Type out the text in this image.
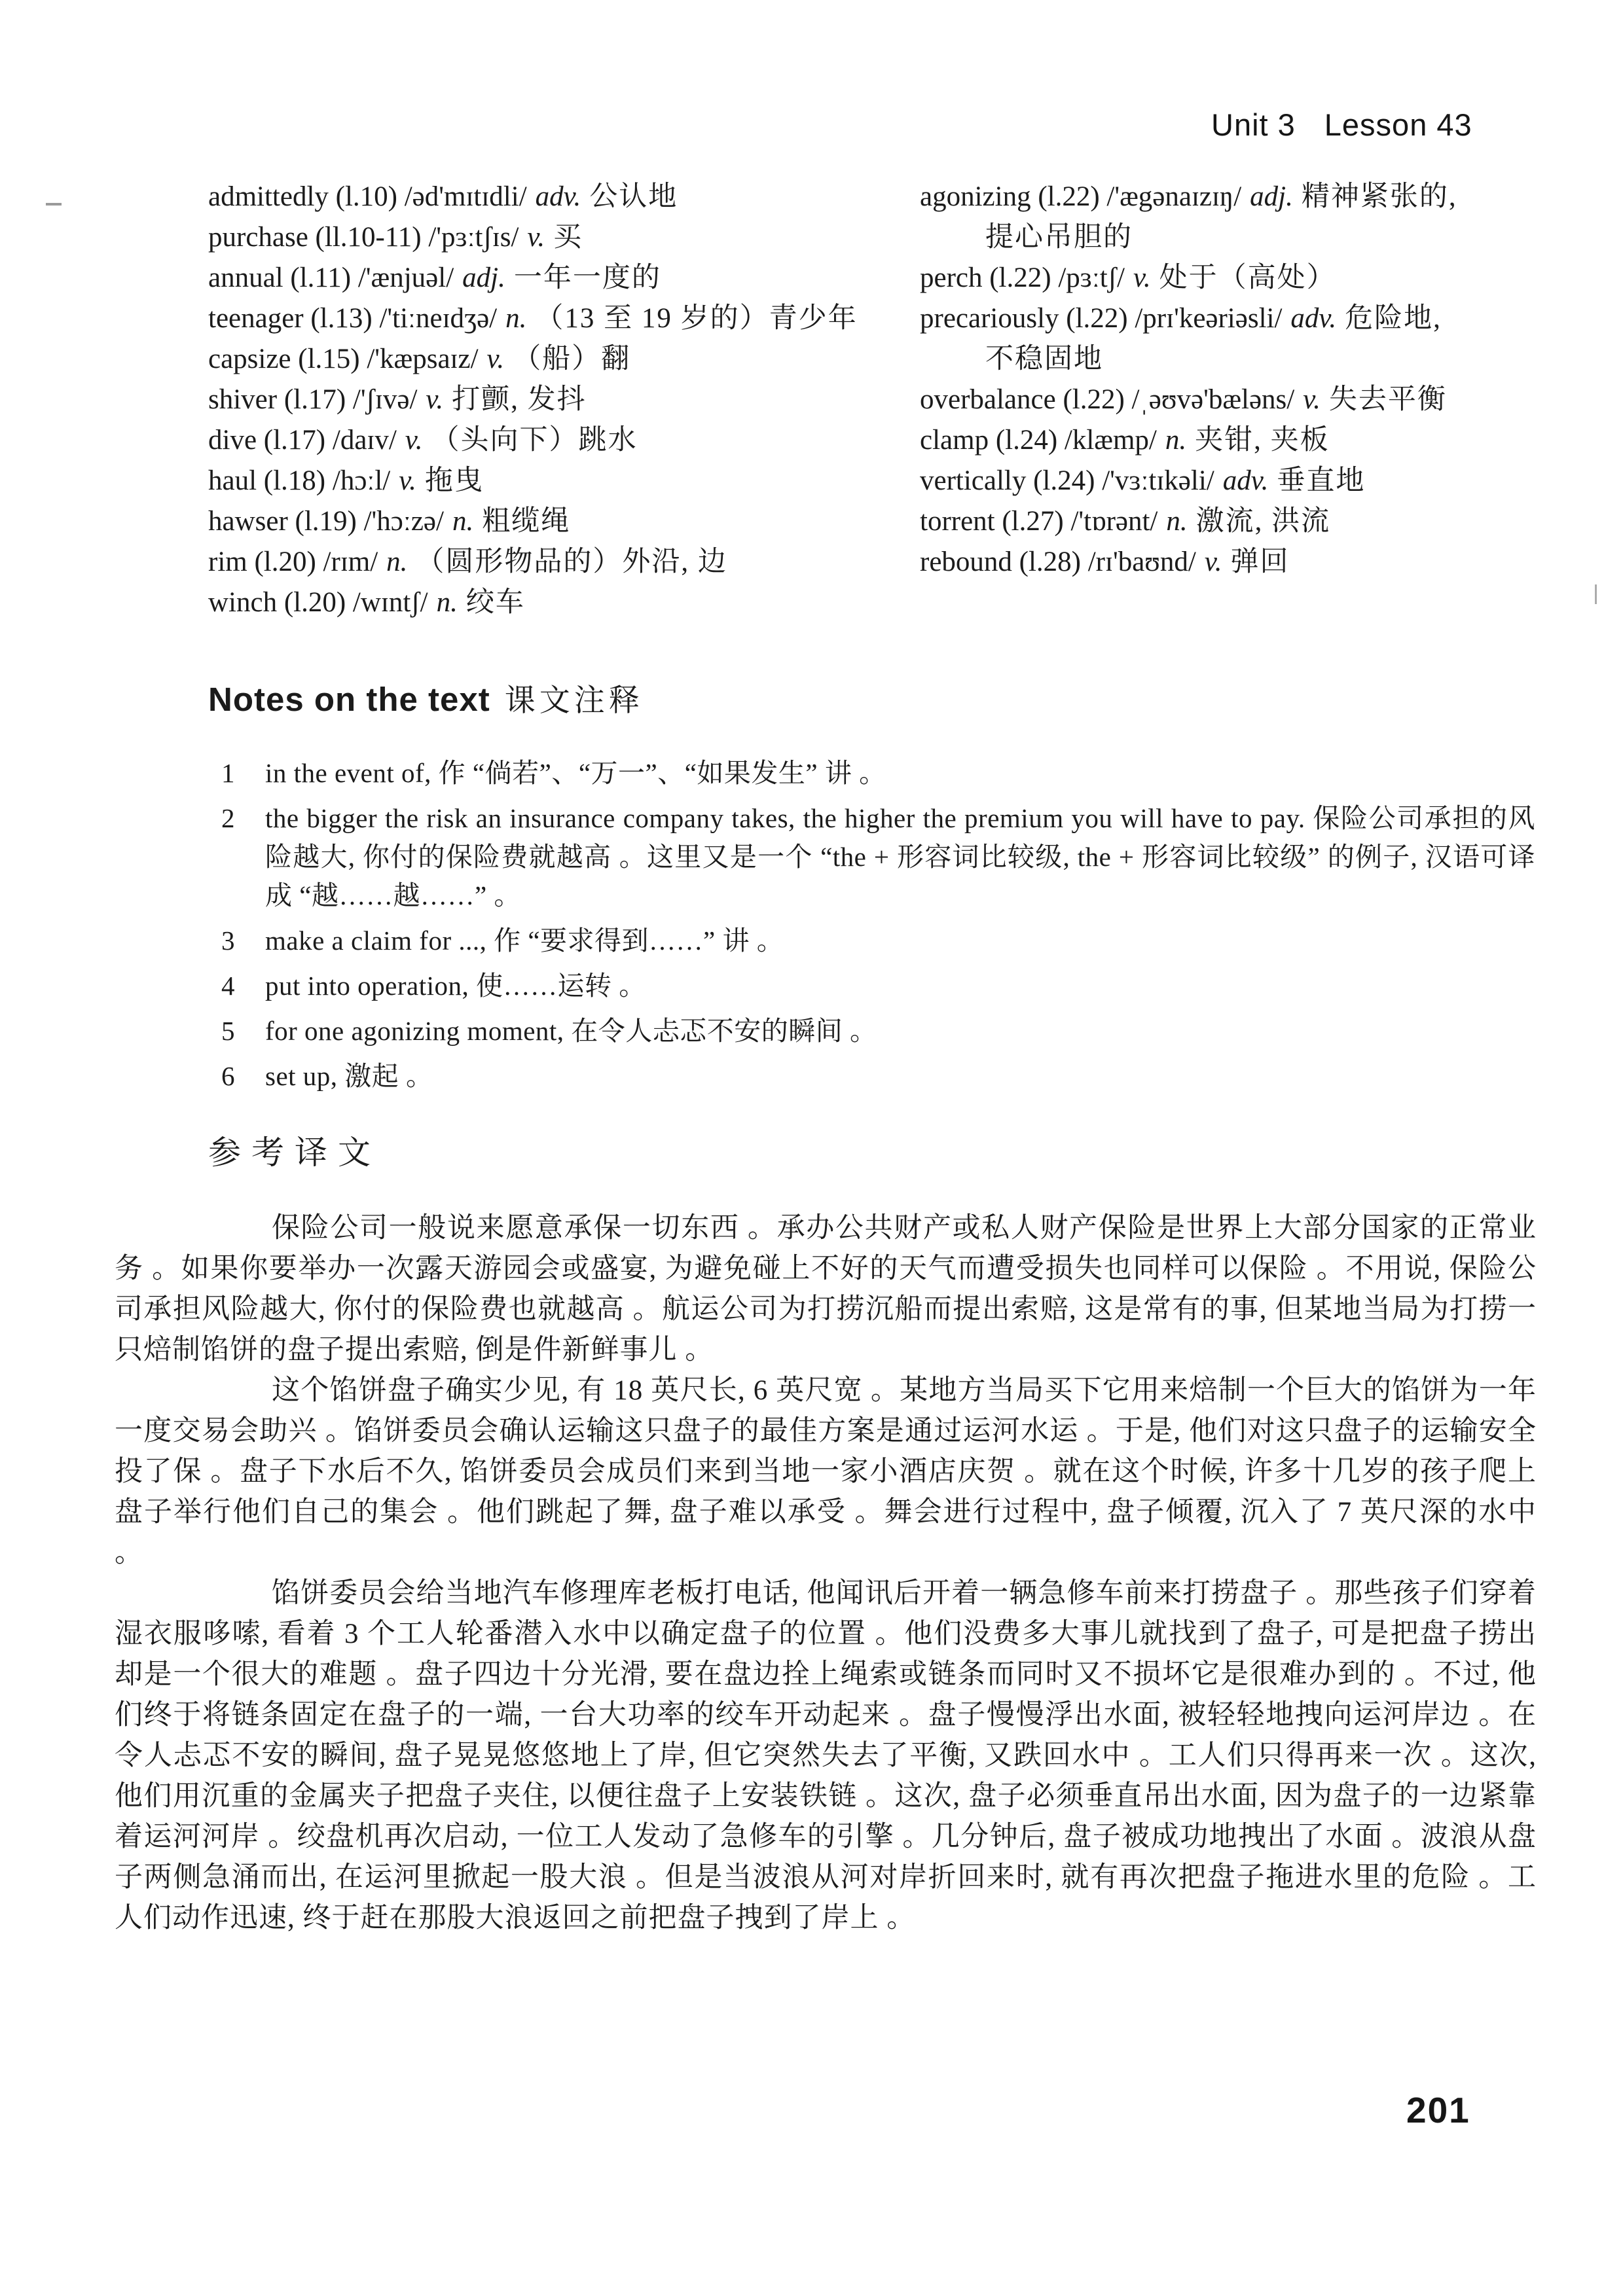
Unit 3 Lesson 43
admittedly (l.10) /əd'mɪtɪdli/ adv. 公认地
purchase (ll.10-11) /'pɜːtʃɪs/ v. 买
annual (l.11) /'ænjuəl/ adj. 一年一度的
teenager (l.13) /'tiːneɪdʒə/ n. （13 至 19 岁的）青少年
capsize (l.15) /'kæpsaɪz/ v. （船）翻
shiver (l.17) /'ʃɪvə/ v. 打颤, 发抖
dive (l.17) /daɪv/ v. （头向下）跳水
haul (l.18) /hɔːl/ v. 拖曳
hawser (l.19) /'hɔːzə/ n. 粗缆绳
rim (l.20) /rɪm/ n. （圆形物品的）外沿, 边
winch (l.20) /wɪntʃ/ n. 绞车
agonizing (l.22) /'ægənaɪzɪŋ/ adj. 精神紧张的,
提心吊胆的
perch (l.22) /pɜːtʃ/ v. 处于（高处）
precariously (l.22) /prɪ'keəriəsli/ adv. 危险地,
不稳固地
overbalance (l.22) /ˌəʊvə'bæləns/ v. 失去平衡
clamp (l.24) /klæmp/ n. 夹钳, 夹板
vertically (l.24) /'vɜːtɪkəli/ adv. 垂直地
torrent (l.27) /'tɒrənt/ n. 激流, 洪流
rebound (l.28) /rɪ'baʊnd/ v. 弹回
Notes on the text 课文注释
1	in the event of, 作 “倘若”、“万一”、“如果发生” 讲 。
2	the bigger the risk an insurance company takes, the higher the premium you will have to pay. 保险公司承担的风险越大, 你付的保险费就越高 。这里又是一个 “the + 形容词比较级, the + 形容词比较级” 的例子, 汉语可译成 “越……越……” 。
3	make a claim for ..., 作 “要求得到……” 讲 。
4	put into operation, 使……运转 。
5	for one agonizing moment, 在令人忐忑不安的瞬间 。
6	set up, 激起 。
参考译文

保险公司一般说来愿意承保一切东西 。承办公共财产或私人财产保险是世界上大部分国家的正常业务 。如果你要举办一次露天游园会或盛宴, 为避免碰上不好的天气而遭受损失也同样可以保险 。不用说, 保险公司承担风险越大, 你付的保险费也就越高 。航运公司为打捞沉船而提出索赔, 这是常有的事, 但某地当局为打捞一只焙制馅饼的盘子提出索赔, 倒是件新鲜事儿 。

这个馅饼盘子确实少见, 有 18 英尺长, 6 英尺宽 。某地方当局买下它用来焙制一个巨大的馅饼为一年一度交易会助兴 。馅饼委员会确认运输这只盘子的最佳方案是通过运河水运 。于是, 他们对这只盘子的运输安全投了保 。盘子下水后不久, 馅饼委员会成员们来到当地一家小酒店庆贺 。就在这个时候, 许多十几岁的孩子爬上盘子举行他们自己的集会 。他们跳起了舞, 盘子难以承受 。舞会进行过程中, 盘子倾覆, 沉入了 7 英尺深的水中 。

馅饼委员会给当地汽车修理库老板打电话, 他闻讯后开着一辆急修车前来打捞盘子 。那些孩子们穿着湿衣服哆嗦, 看着 3 个工人轮番潜入水中以确定盘子的位置 。他们没费多大事儿就找到了盘子, 可是把盘子捞出却是一个很大的难题 。盘子四边十分光滑, 要在盘边拴上绳索或链条而同时又不损坏它是很难办到的 。不过, 他们终于将链条固定在盘子的一端, 一台大功率的绞车开动起来 。盘子慢慢浮出水面, 被轻轻地拽向运河岸边 。在令人忐忑不安的瞬间, 盘子晃晃悠悠地上了岸, 但它突然失去了平衡, 又跌回水中 。工人们只得再来一次 。这次, 他们用沉重的金属夹子把盘子夹住, 以便往盘子上安装铁链 。这次, 盘子必须垂直吊出水面, 因为盘子的一边紧靠着运河河岸 。绞盘机再次启动, 一位工人发动了急修车的引擎 。几分钟后, 盘子被成功地拽出了水面 。波浪从盘子两侧急涌而出, 在运河里掀起一股大浪 。但是当波浪从河对岸折回来时, 就有再次把盘子拖进水里的危险 。工人们动作迅速, 终于赶在那股大浪返回之前把盘子拽到了岸上 。

201
